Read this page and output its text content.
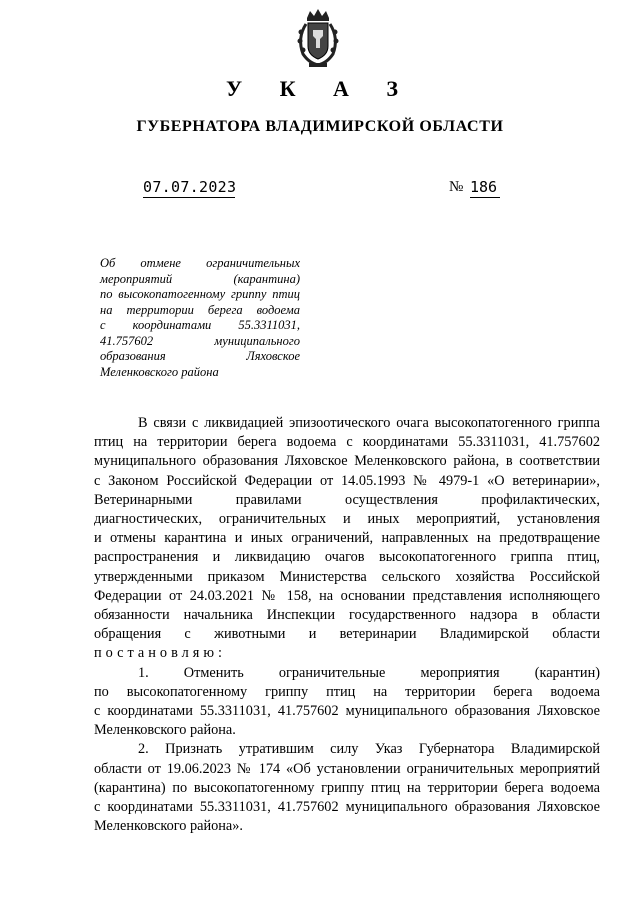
У К А З
ГУБЕРНАТОРА ВЛАДИМИРСКОЙ ОБЛАСТИ
07.07.2023	№ 186
Об отмене ограничительных
мероприятий (карантина)
по высокопатогенному гриппу птиц
на территории берега водоема
с координатами 55.3311031,
41.757602 муниципального
образования Ляховское
Меленковского района
В связи с ликвидацией эпизоотического очага высокопатогенного гриппа
птиц на территории берега водоема с координатами 55.3311031, 41.757602
муниципального образования Ляховское Меленковского района, в соответствии
с Законом Российской Федерации от 14.05.1993 № 4979-1 «О ветеринарии»,
Ветеринарными правилами осуществления профилактических,
диагностических, ограничительных и иных мероприятий, установления
и отмены карантина и иных ограничений, направленных на предотвращение
распространения и ликвидацию очагов высокопатогенного гриппа птиц,
утвержденными приказом Министерства сельского хозяйства Российской
Федерации от 24.03.2021 № 158, на основании представления исполняющего
обязанности начальника Инспекции государственного надзора в области
обращения с животными и ветеринарии Владимирской области
постановляю:
1. Отменить ограничительные мероприятия (карантин)
по высокопатогенному гриппу птиц на территории берега водоема
с координатами 55.3311031, 41.757602 муниципального образования Ляховское
Меленковского района.
2. Признать утратившим силу Указ Губернатора Владимирской
области от 19.06.2023 № 174 «Об установлении ограничительных мероприятий
(карантина) по высокопатогенному гриппу птиц на территории берега водоема
с координатами 55.3311031, 41.757602 муниципального образования Ляховское
Меленковского района».
